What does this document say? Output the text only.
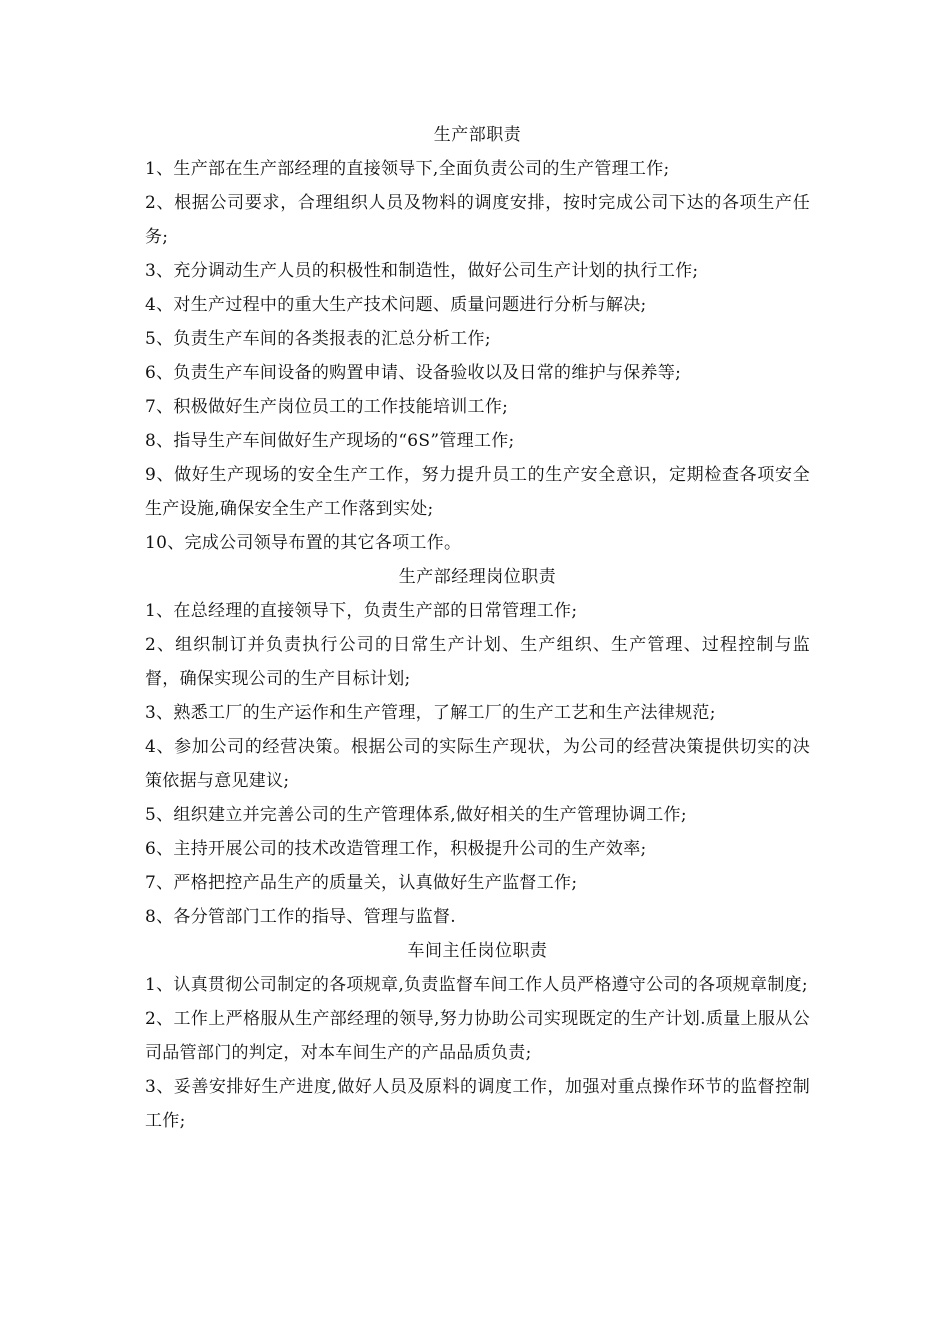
生产部职责
1、生产部在生产部经理的直接领导下,全面负责公司的生产管理工作;
2、根据公司要求，合理组织人员及物料的调度安排，按时完成公司下达的各项生产任务;
3、充分调动生产人员的积极性和制造性，做好公司生产计划的执行工作;
4、对生产过程中的重大生产技术问题、质量问题进行分析与解决;
5、负责生产车间的各类报表的汇总分析工作;
6、负责生产车间设备的购置申请、设备验收以及日常的维护与保养等;
7、积极做好生产岗位员工的工作技能培训工作;
8、指导生产车间做好生产现场的“6S”管理工作;
9、做好生产现场的安全生产工作，努力提升员工的生产安全意识，定期检查各项安全生产设施,确保安全生产工作落到实处;
10、完成公司领导布置的其它各项工作。
生产部经理岗位职责
1、在总经理的直接领导下，负责生产部的日常管理工作;
2、组织制订并负责执行公司的日常生产计划、生产组织、生产管理、过程控制与监督，确保实现公司的生产目标计划;
3、熟悉工厂的生产运作和生产管理，了解工厂的生产工艺和生产法律规范;
4、参加公司的经营决策。根据公司的实际生产现状，为公司的经营决策提供切实的决策依据与意见建议;
5、组织建立并完善公司的生产管理体系,做好相关的生产管理协调工作;
6、主持开展公司的技术改造管理工作，积极提升公司的生产效率;
7、严格把控产品生产的质量关，认真做好生产监督工作;
8、各分管部门工作的指导、管理与监督.
车间主任岗位职责
1、认真贯彻公司制定的各项规章,负责监督车间工作人员严格遵守公司的各项规章制度;
2、工作上严格服从生产部经理的领导,努力协助公司实现既定的生产计划.质量上服从公司品管部门的判定，对本车间生产的产品品质负责;
3、妥善安排好生产进度,做好人员及原料的调度工作，加强对重点操作环节的监督控制工作;
